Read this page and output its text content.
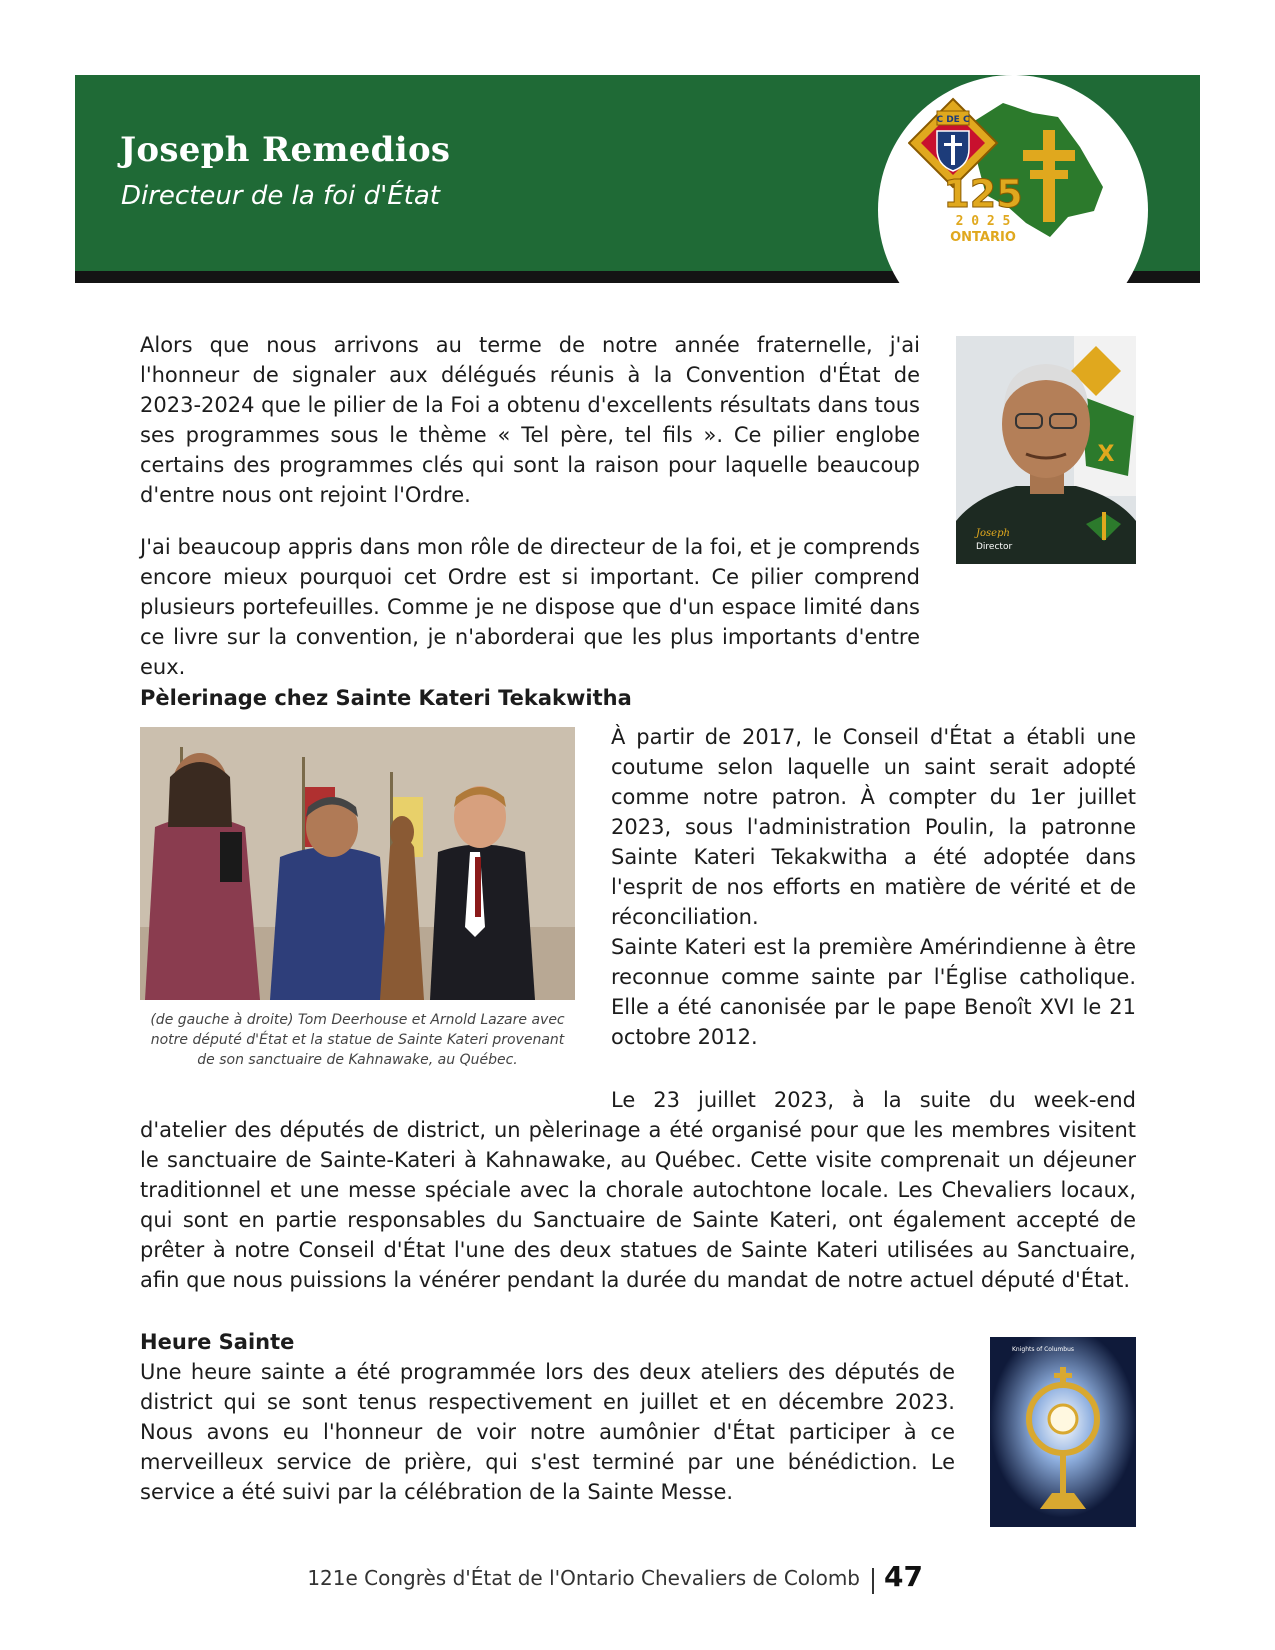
Joseph Remedios

Directeur de la foi d'État

C DE C
125
2 0 2 5
ONTARIO
X
Joseph
Director

Alors que nous arrivons au terme de notre année fraternelle, j'ai l'honneur de signaler aux délégués réunis à la Convention d'État de 2023-2024 que le pilier de la Foi a obtenu d'excellents résultats dans tous ses programmes sous le thème « Tel père, tel fils ». Ce pilier englobe certains des programmes clés qui sont la raison pour laquelle beaucoup d'entre nous ont rejoint l'Ordre.

J'ai beaucoup appris dans mon rôle de directeur de la foi, et je comprends encore mieux pourquoi cet Ordre est si important. Ce pilier comprend plusieurs portefeuilles. Comme je ne dispose que d'un espace limité dans ce livre sur la convention, je n'aborderai que les plus importants d'entre eux.

Pèlerinage chez Sainte Kateri Tekakwitha

(de gauche à droite) Tom Deerhouse et Arnold Lazare avec notre député d'État et la statue de Sainte Kateri provenant de son sanctuaire de Kahnawake, au Québec.

À partir de 2017, le Conseil d'État a établi une coutume selon laquelle un saint serait adopté comme notre patron. À compter du 1er juillet 2023, sous l'administration Poulin, la patronne Sainte Kateri Tekakwitha a été adoptée dans l'esprit de nos efforts en matière de vérité et de réconciliation.

Sainte Kateri est la première Amérindienne à être reconnue comme sainte par l'Église catholique. Elle a été canonisée par le pape Benoît XVI le 21 octobre 2012.

Le 23 juillet 2023, à la suite du week-end d'atelier des députés de district, un pèlerinage a été organisé pour que les membres visitent le sanctuaire de Sainte-Kateri à Kahnawake, au Québec. Cette visite comprenait un déjeuner traditionnel et une messe spéciale avec la chorale autochtone locale. Les Chevaliers locaux, qui sont en partie responsables du Sanctuaire de Sainte Kateri, ont également accepté de prêter à notre Conseil d'État l'une des deux statues de Sainte Kateri utilisées au Sanctuaire, afin que nous puissions la vénérer pendant la durée du mandat de notre actuel député d'État.

Heure Sainte

Une heure sainte a été programmée lors des deux ateliers des députés de district qui se sont tenus respectivement en juillet et en décembre 2023. Nous avons eu l'honneur de voir notre aumônier d'État participer à ce merveilleux service de prière, qui s'est terminé par une bénédiction. Le service a été suivi par la célébration de la Sainte Messe.

Knights of Columbus

121e Congrès d'État de l'Ontario Chevaliers de Colomb 47
